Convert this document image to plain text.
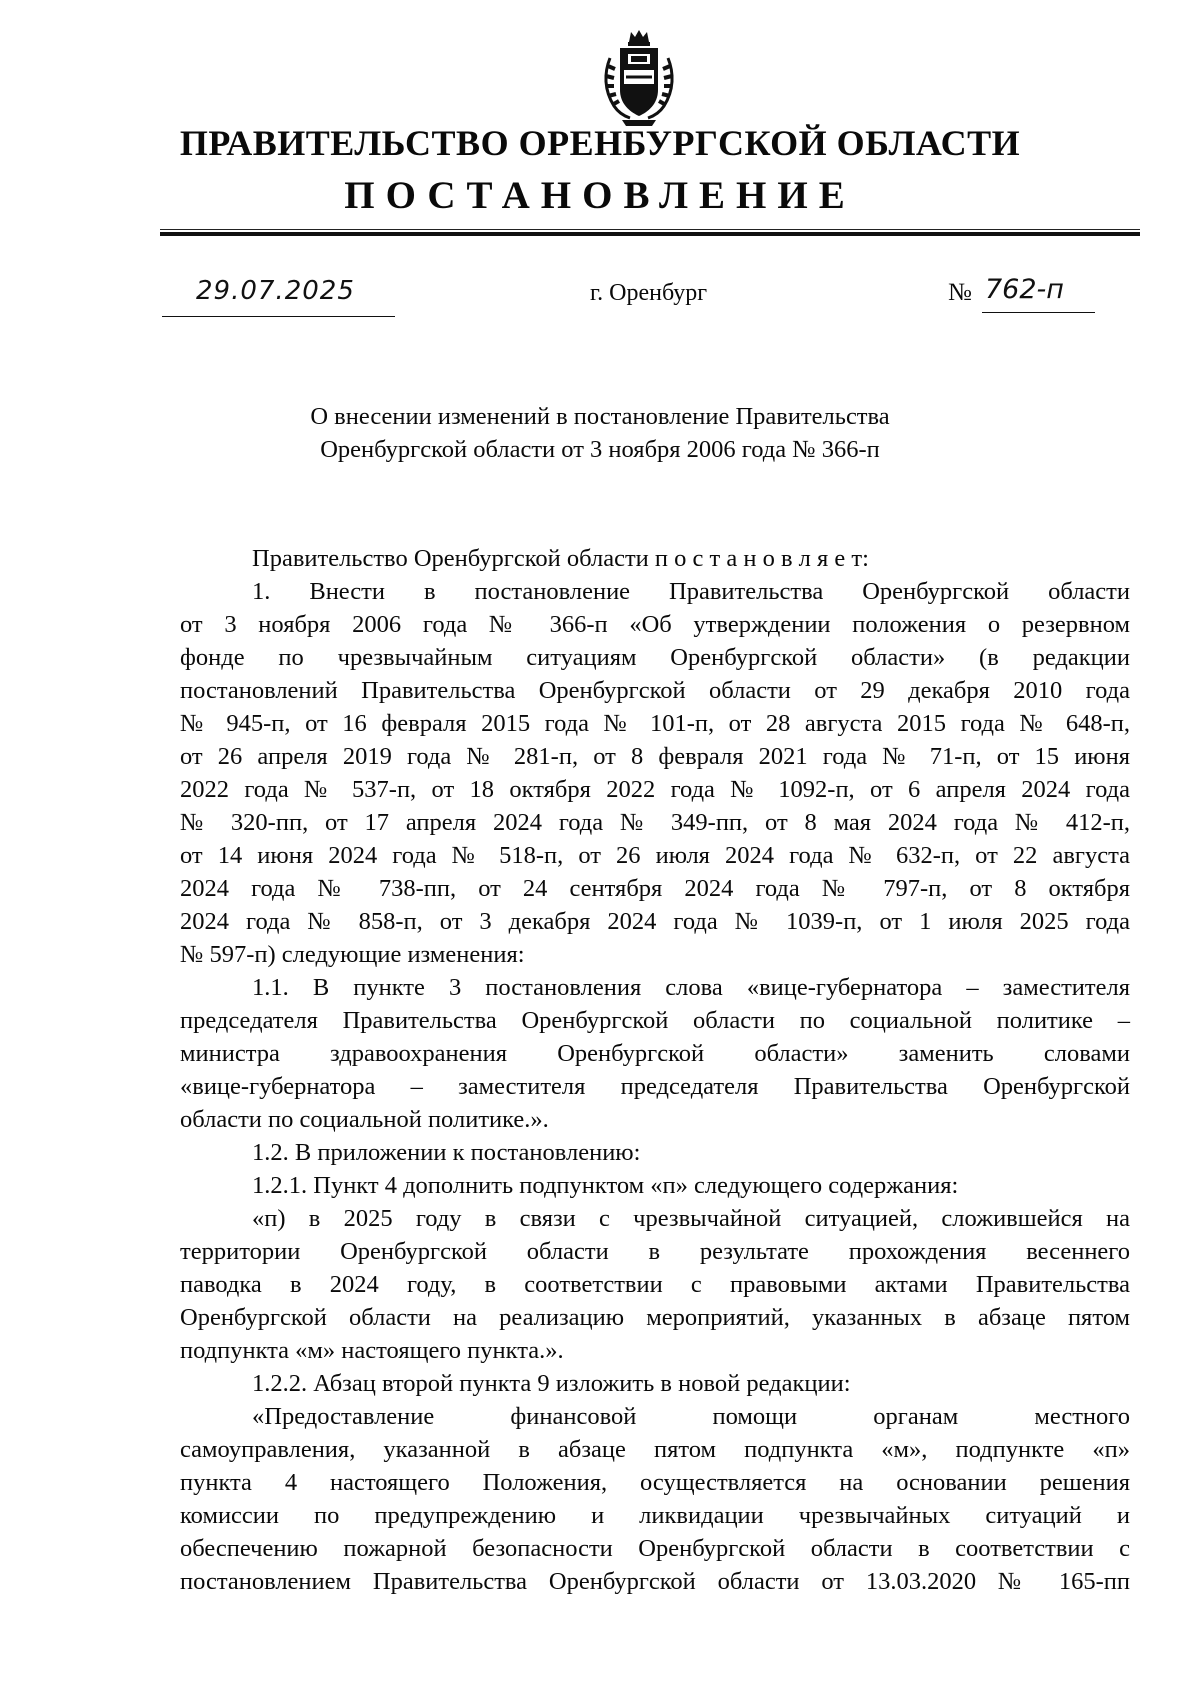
ПРАВИТЕЛЬСТВО ОРЕНБУРГСКОЙ ОБЛАСТИ
ПОСТАНОВЛЕНИЕ
29.07.2025	г. Оренбург	№ 762-п
О внесении изменений в постановление Правительства
Оренбургской области от 3 ноября 2006 года № 366-п
Правительство Оренбургской области п о с т а н о в л я е т:
1. Внести в постановление Правительства Оренбургской области
от 3 ноября 2006 года № 366-п «Об утверждении положения о резервном
фонде по чрезвычайным ситуациям Оренбургской области» (в редакции
постановлений Правительства Оренбургской области от 29 декабря 2010 года
№ 945-п, от 16 февраля 2015 года № 101-п, от 28 августа 2015 года № 648-п,
от 26 апреля 2019 года № 281-п, от 8 февраля 2021 года № 71-п, от 15 июня
2022 года № 537-п, от 18 октября 2022 года № 1092-п, от 6 апреля 2024 года
№ 320-пп, от 17 апреля 2024 года № 349-пп, от 8 мая 2024 года № 412-п,
от 14 июня 2024 года № 518-п, от 26 июля 2024 года № 632-п, от 22 августа
2024 года № 738-пп, от 24 сентября 2024 года № 797-п, от 8 октября
2024 года № 858-п, от 3 декабря 2024 года № 1039-п, от 1 июля 2025 года
№ 597-п) следующие изменения:
1.1. В пункте 3 постановления слова «вице-губернатора – заместителя
председателя Правительства Оренбургской области по социальной политике –
министра здравоохранения Оренбургской области» заменить словами
«вице-губернатора – заместителя председателя Правительства Оренбургской
области по социальной политике.».
1.2. В приложении к постановлению:
1.2.1. Пункт 4 дополнить подпунктом «п» следующего содержания:
«п) в 2025 году в связи с чрезвычайной ситуацией, сложившейся на
территории Оренбургской области в результате прохождения весеннего
паводка в 2024 году, в соответствии с правовыми актами Правительства
Оренбургской области на реализацию мероприятий, указанных в абзаце пятом
подпункта «м» настоящего пункта.».
1.2.2. Абзац второй пункта 9 изложить в новой редакции:
«Предоставление финансовой помощи органам местного
самоуправления, указанной в абзаце пятом подпункта «м», подпункте «п»
пункта 4 настоящего Положения, осуществляется на основании решения
комиссии по предупреждению и ликвидации чрезвычайных ситуаций и
обеспечению пожарной безопасности Оренбургской области в соответствии с
постановлением Правительства Оренбургской области от 13.03.2020 № 165-пп
